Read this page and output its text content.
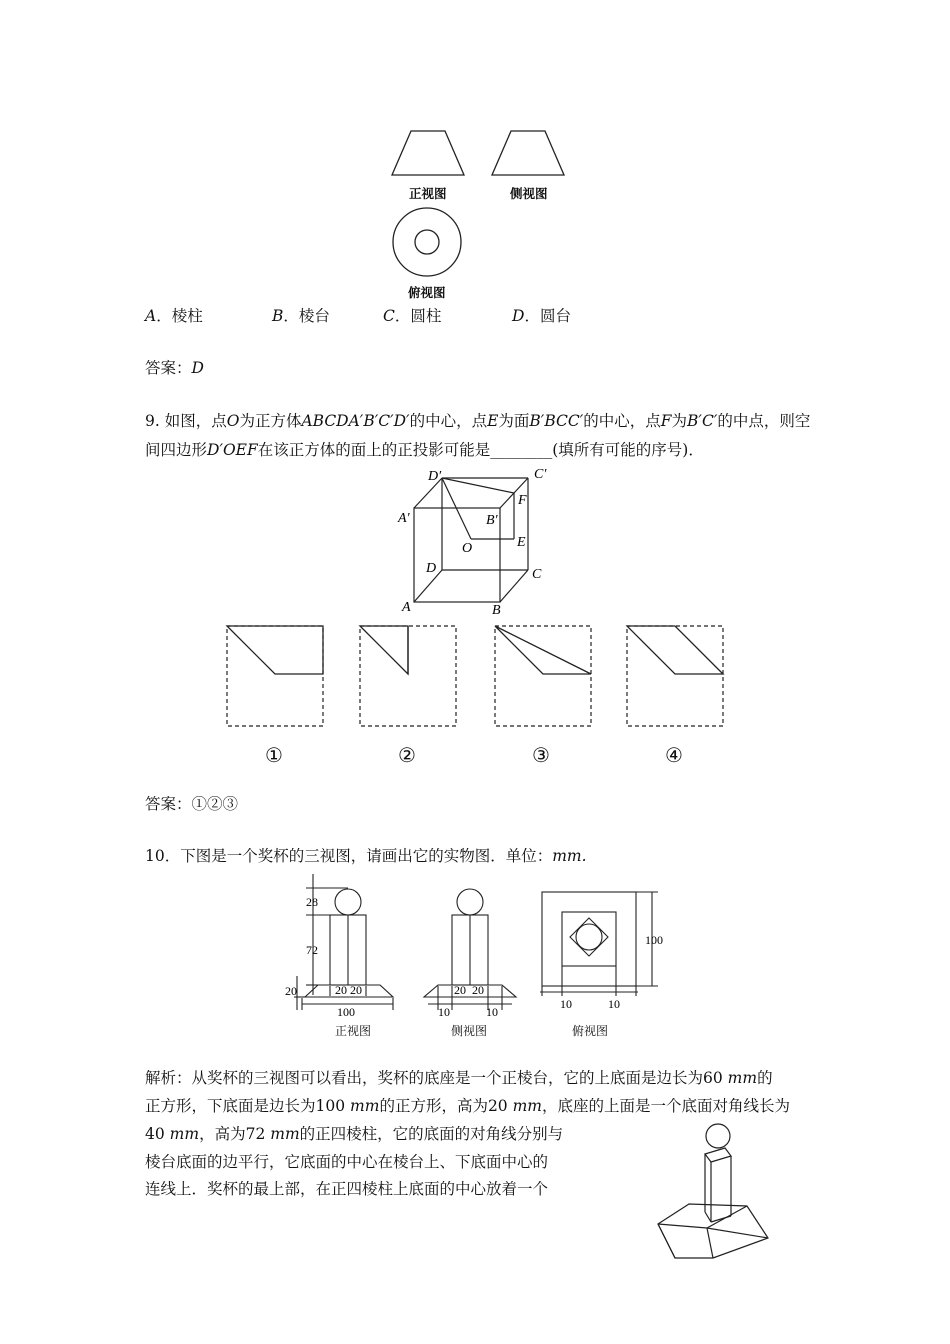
正视图	侧视图
俯视图
A．棱柱	B．棱台	C．圆柱	D．圆台
答案：D
9. 如图，点O为正方体ABCDA′B′C′D′的中心，点E为面B′BCC′的中心，点F为B′C′的中点，则空
间四边形D′OEF在该正方体的面上的正投影可能是________(填所有可能的序号)．
D′	C′
A′	B′
F
O	E
D	C
A	B
①	②	③	④
答案：①②③
10．下图是一个奖杯的三视图，请画出它的实物图．单位：mm.
28
72
20	20 20
100
正视图
20 20
10	10
侧视图
100
10	10
俯视图
解析：从奖杯的三视图可以看出，奖杯的底座是一个正棱台，它的上底面是边长为60 mm的
正方形，下底面是边长为100 mm的正方形，高为20 mm，底座的上面是一个底面对角线长为
40 mm，高为72 mm的正四棱柱，它的底面的对角线分别与
棱台底面的边平行，它底面的中心在棱台上、下底面中心的
连线上．奖杯的最上部，在正四棱柱上底面的中心放着一个
